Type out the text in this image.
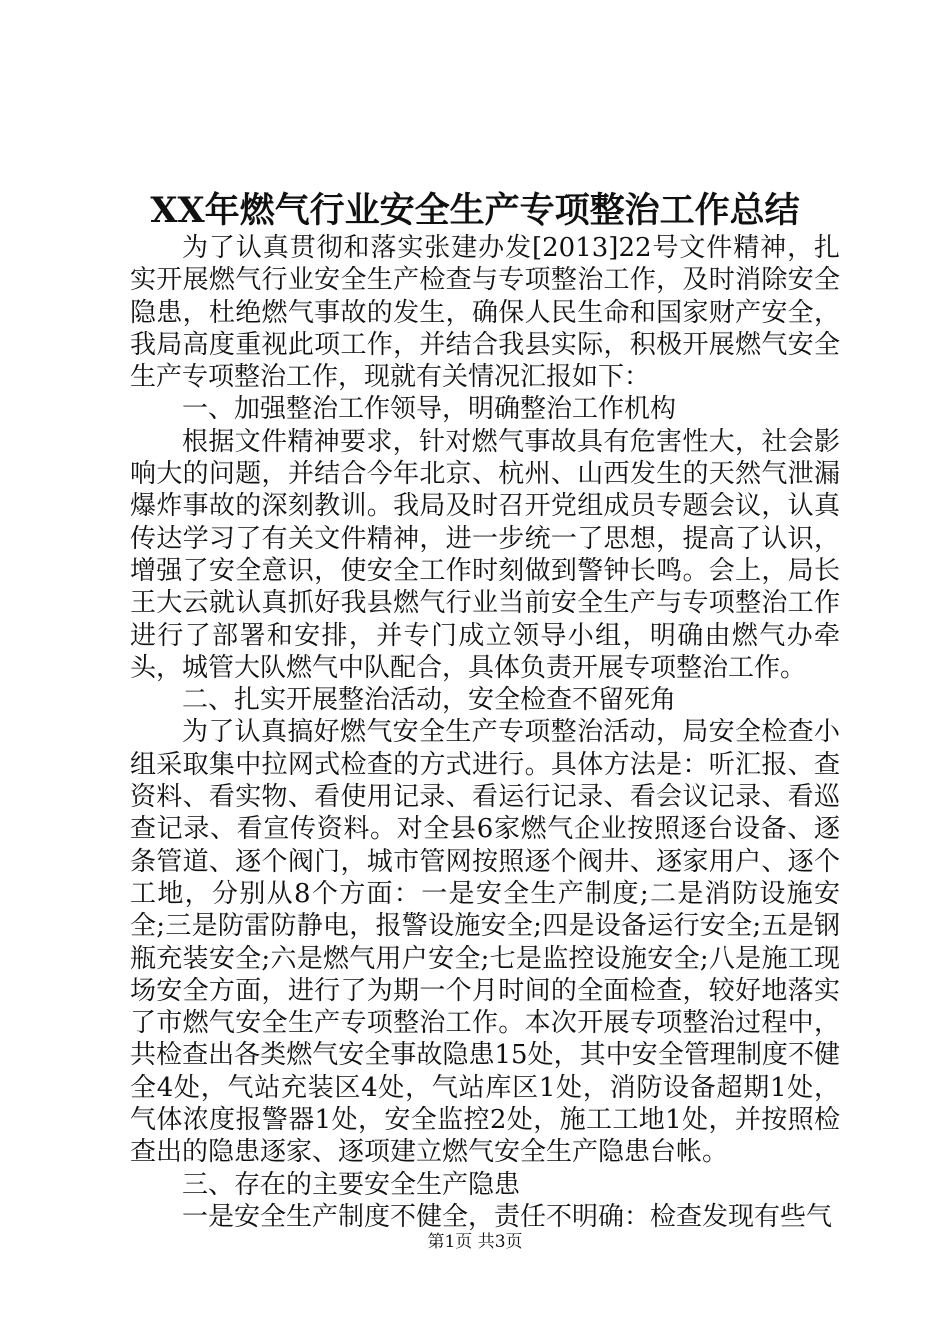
XX年燃气行业安全生产专项整治工作总结

为了认真贯彻和落实张建办发[2013]22号文件精神，扎实开展燃气行业安全生产检查与专项整治工作，及时消除安全隐患，杜绝燃气事故的发生，确保人民生命和国家财产安全，我局高度重视此项工作，并结合我县实际，积极开展燃气安全生产专项整治工作，现就有关情况汇报如下：

一、加强整治工作领导，明确整治工作机构

根据文件精神要求，针对燃气事故具有危害性大，社会影响大的问题，并结合今年北京、杭州、山西发生的天然气泄漏爆炸事故的深刻教训。我局及时召开党组成员专题会议，认真传达学习了有关文件精神，进一步统一了思想，提高了认识，增强了安全意识，使安全工作时刻做到警钟长鸣。会上，局长王大云就认真抓好我县燃气行业当前安全生产与专项整治工作进行了部署和安排，并专门成立领导小组，明确由燃气办牵头，城管大队燃气中队配合，具体负责开展专项整治工作。

二、扎实开展整治活动，安全检查不留死角

为了认真搞好燃气安全生产专项整治活动，局安全检查小组采取集中拉网式检查的方式进行。具体方法是：听汇报、查资料、看实物、看使用记录、看运行记录、看会议记录、看巡查记录、看宣传资料。对全县6家燃气企业按照逐台设备、逐条管道、逐个阀门，城市管网按照逐个阀井、逐家用户、逐个工地，分别从8个方面：一是安全生产制度;二是消防设施安全;三是防雷防静电，报警设施安全;四是设备运行安全;五是钢瓶充装安全;六是燃气用户安全;七是监控设施安全;八是施工现场安全方面，进行了为期一个月时间的全面检查，较好地落实了市燃气安全生产专项整治工作。本次开展专项整治过程中，共检查出各类燃气安全事故隐患15处，其中安全管理制度不健全4处，气站充装区4处，气站库区1处，消防设备超期1处，气体浓度报警器1处，安全监控2处，施工工地1处，并按照检查出的隐患逐家、逐项建立燃气安全生产隐患台帐。

三、存在的主要安全生产隐患

一是安全生产制度不健全，责任不明确：检查发现有些气

第1页 共3页
